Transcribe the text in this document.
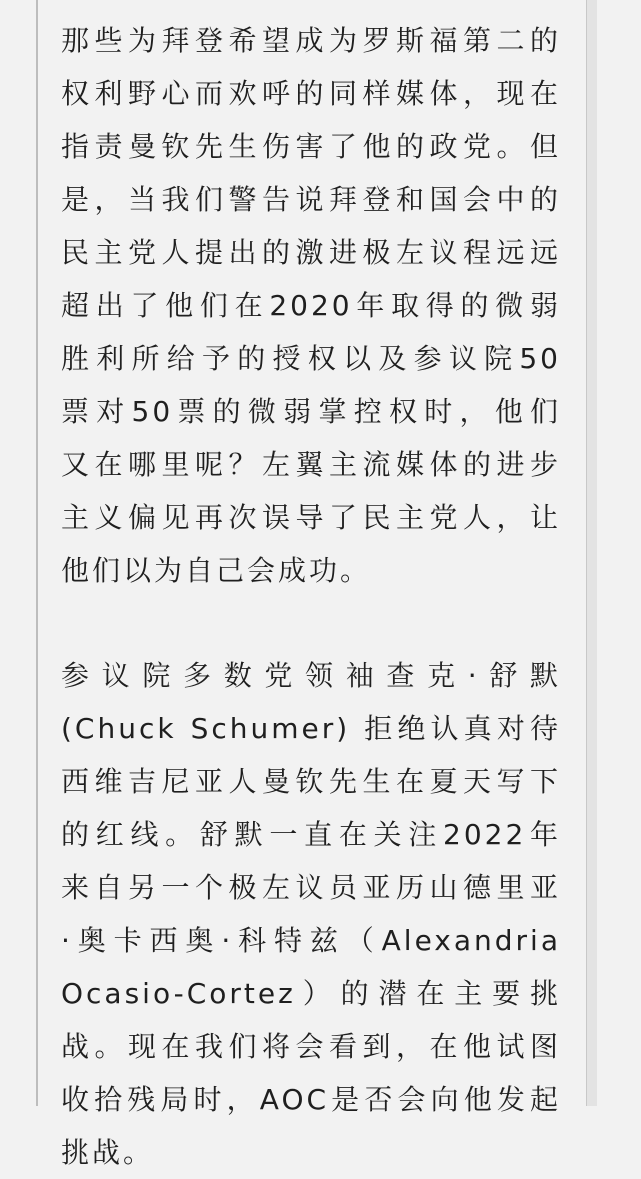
那些为拜登希望成为罗斯福第二的
权利野心而欢呼的同样媒体，现在
指责曼钦先生伤害了他的政党。但
是，当我们警告说拜登和国会中的
民主党人提出的激进极左议程远远
超出了他们在2020年取得的微弱
胜利所给予的授权以及参议院50
票对50票的微弱掌控权时，他们
又在哪里呢？左翼主流媒体的进步
主义偏见再次误导了民主党人，让
他们以为自己会成功。
参议院多数党领袖查克·舒默
(Chuck Schumer) 拒绝认真对待
西维吉尼亚人曼钦先生在夏天写下
的红线。舒默一直在关注2022年
来自另一个极左议员亚历山德里亚
·奥卡西奥·科特兹（Alexandria
Ocasio-Cortez）的潜在主要挑
战。现在我们将会看到，在他试图
收拾残局时，AOC是否会向他发起
挑战。
